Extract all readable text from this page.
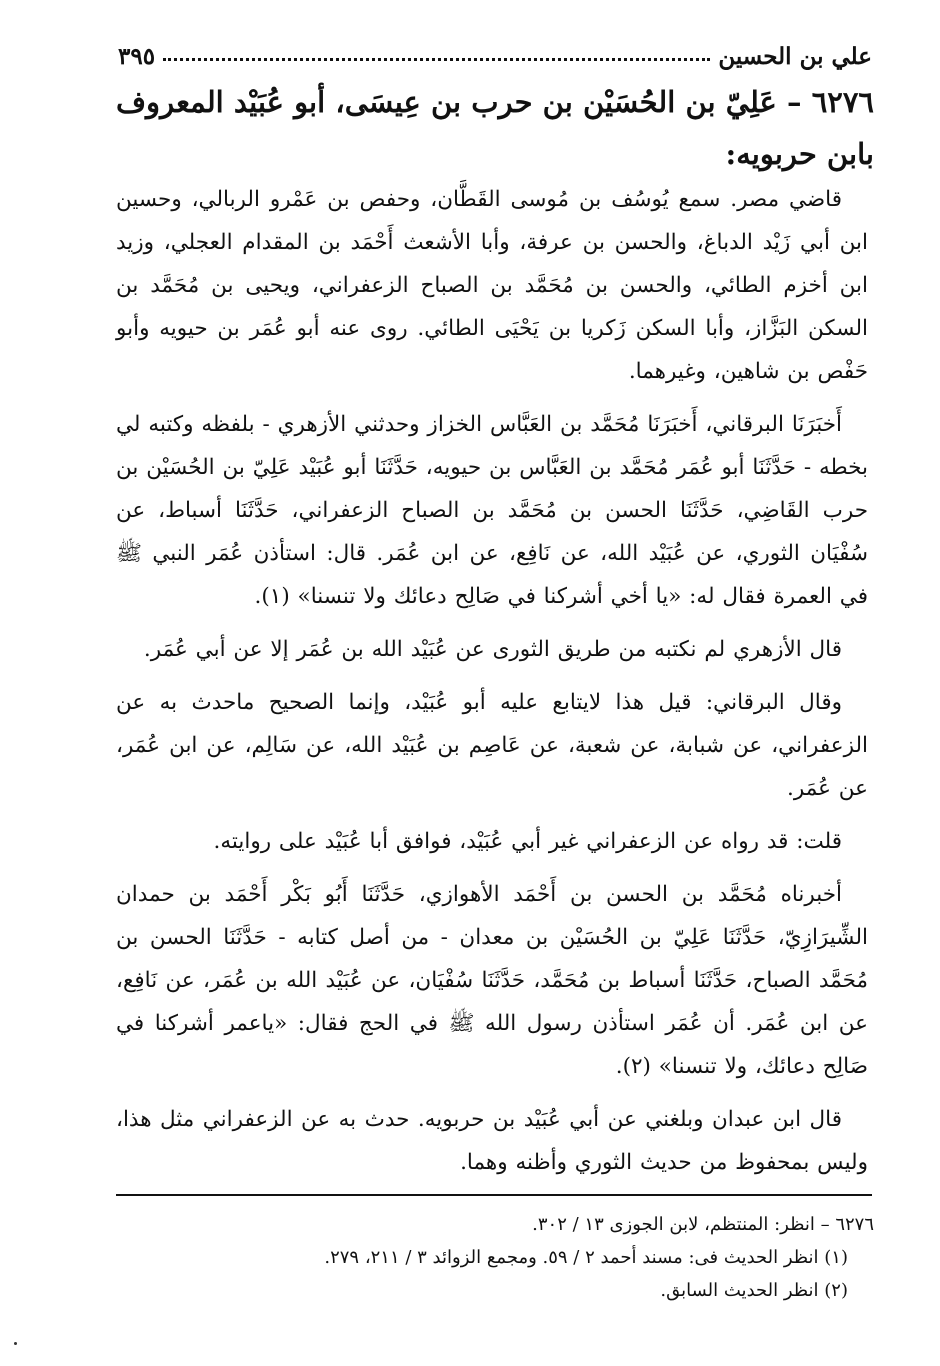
علي بن الحسين
٣٩٥
٦٢٧٦ – عَلِيّ بن الحُسَيْن بن حرب بن عِيسَى، أبو عُبَيْد المعروف بابن حربويه:

قاضي مصر. سمع يُوسُف بن مُوسى القَطَّان، وحفص بن عَمْرو الربالي، وحسين ابن أبي زَيْد الدباغ، والحسن بن عرفة، وأبا الأشعث أَحْمَد بن المقدام العجلي، وزيد ابن أخزم الطائي، والحسن بن مُحَمَّد بن الصباح الزعفراني، ويحيى بن مُحَمَّد بن السكن البَزَّاز، وأبا السكن زَكريا بن يَحْيَى الطائي. روى عنه أبو عُمَر بن حيويه وأبو حَفْص بن شاهين، وغيرهما.

أَخبَرَنَا البرقاني، أَخبَرَنَا مُحَمَّد بن العَبَّاس الخزاز وحدثني الأزهري - بلفظه وكتبه لي بخطه - حَدَّثَنَا أبو عُمَر مُحَمَّد بن العَبَّاس بن حيويه، حَدَّثَنَا أبو عُبَيْد عَلِيّ بن الحُسَيْن بن حرب القَاضِي، حَدَّثَنَا الحسن بن مُحَمَّد بن الصباح الزعفراني، حَدَّثَنَا أسباط، عن سُفْيَان الثوري، عن عُبَيْد الله، عن نَافِع، عن ابن عُمَر. قال: استأذن عُمَر النبي ﷺ في العمرة فقال له: «يا أخي أشركنا في صَالِح دعائك ولا تنسنا» (١).

قال الأزهري لم نكتبه من طريق الثورى عن عُبَيْد الله بن عُمَر إلا عن أبي عُمَر.

وقال البرقاني: قيل هذا لايتابع عليه أبو عُبَيْد، وإنما الصحيح ماحدث به عن الزعفراني، عن شبابة، عن شعبة، عن عَاصِم بن عُبَيْد الله، عن سَالِم، عن ابن عُمَر، عن عُمَر.

قلت: قد رواه عن الزعفراني غير أبي عُبَيْد، فوافق أبا عُبَيْد على روايته.

أخبرناه مُحَمَّد بن الحسن بن أَحْمَد الأهوازي، حَدَّثَنَا أَبُو بَكْر أَحْمَد بن حمدان الشِّيرَازِيّ، حَدَّثَنَا عَلِيّ بن الحُسَيْن بن معدان - من أصل كتابه - حَدَّثَنَا الحسن بن مُحَمَّد الصباح، حَدَّثَنَا أسباط بن مُحَمَّد، حَدَّثَنَا سُفْيَان، عن عُبَيْد الله بن عُمَر، عن نَافِع، عن ابن عُمَر. أن عُمَر استأذن رسول الله ﷺ في الحج فقال: «ياعمر أشركنا في صَالِح دعائك، ولا تنسنا» (٢).

قال ابن عبدان وبلغني عن أبي عُبَيْد بن حربويه. حدث به عن الزعفراني مثل هذا، وليس بمحفوظ من حديث الثوري وأظنه وهما.

٦٢٧٦ – انظر: المنتظم، لابن الجوزى ١٣ / ٣٠٢.
(١) انظر الحديث فى: مسند أحمد ٢ / ٥٩. ومجمع الزوائد ٣ / ٢١١، ٢٧٩.
(٢) انظر الحديث السابق.
